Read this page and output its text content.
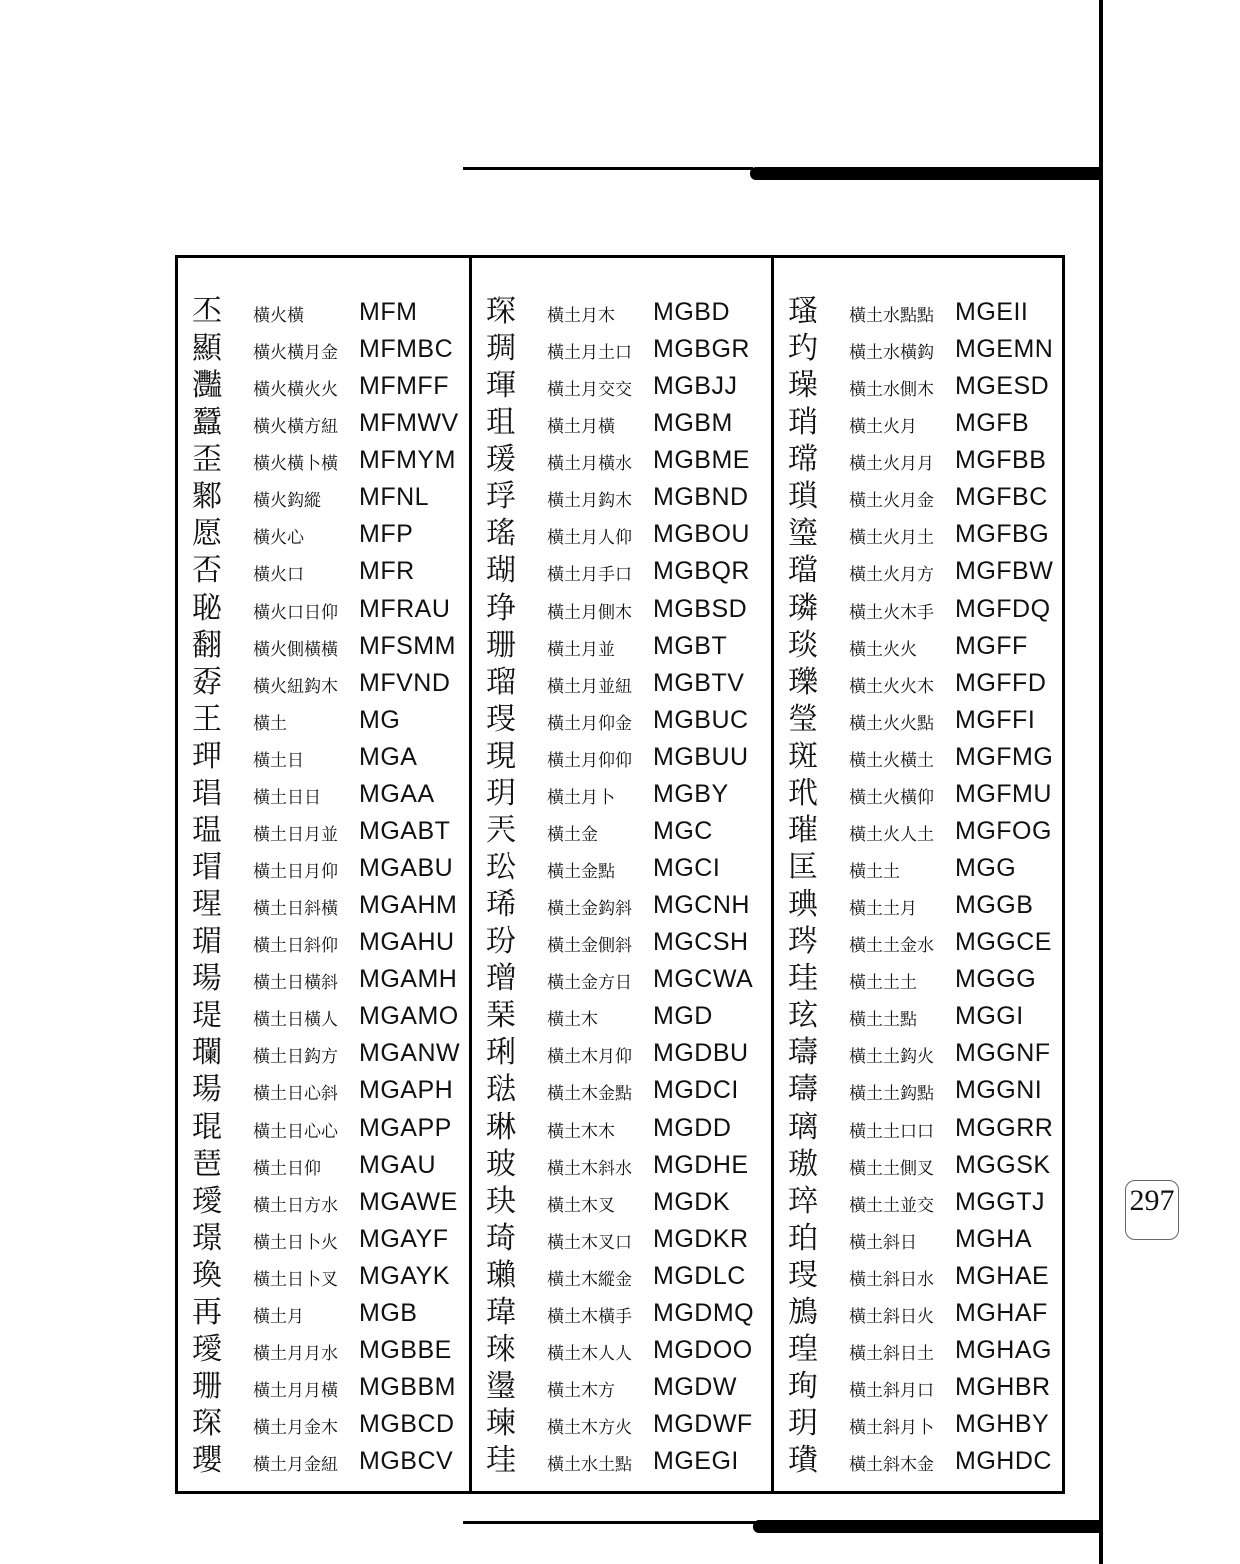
丕 橫火橫 MFM
顯 橫火橫月金 MFMBC
灩 橫火橫火火 MFMFF
蠶 橫火橫方紐 MFMWV
歪 橫火橫卜橫 MFMYM
鄹 橫火鈎縱 MFNL
愿 橫火心 MFP
否 橫火口 MFR
䎵 橫火口日仰 MFRAU
翻 橫火側橫橫 MFSMM
孬 橫火紐鈎木 MFVND
王 橫土	MG
玾 橫土日 MGA
琩 橫土日日 MGAA
瑥 橫土日月並 MGABT
瑁 橫土日月仰 MGABU
瑆 橫土日斜橫 MGAHM
瑂 橫土日斜仰 MGAHU
瑒 橫土日橫斜 MGAMH
瑅 橫土日橫人 MGAMO
瓓 橫土日鈎方 MGANW
瑒 橫土日心斜 MGAPH
琨 橫土日心心 MGAPP
琶 橫土日仰 MGAU
璦 橫土日方水 MGAWE
璟 橫土日卜火 MGAYF
瑍 橫土日卜叉 MGAYK
再 橫土月 MGB
璦 橫土月月水 MGBBE
珊 橫土月月橫 MGBBM
琛 橫土月金木 MGBCD
瓔 橫土月金紐 MGBCV
琛 橫土月木 MGBD
琱 橫土月土口 MGBGR
琿 橫土月交交 MGBJJ
珇 橫土月橫 MGBM
瑗 橫土月橫水 MGBME
琈 橫土月鈎木 MGBND
瑤 橫土月人仰 MGBOU
瑚 橫土月手口 MGBQR
琤 橫土月側木 MGBSD
珊 橫土月並 MGBT
瑠 橫土月並紐 MGBTV
琝 橫土月仰金 MGBUC
現 橫土月仰仰 MGBUU
玥 橫土月卜 MGBY
兲 橫土金 MGC
玜 橫土金點 MGCI
琋 橫土金鈎斜 MGCNH
玢 橫土金側斜 MGCSH
璔 橫土金方日 MGCWA
琹 橫土木 MGD
琍 橫土木月仰 MGDBU
琺 橫土木金點 MGDCI
琳 橫土木木 MGDD
玻 橫土木斜水 MGDHE
玦 橫土木叉 MGDK
琦 橫土木叉口 MGDKR
瓎 橫土木縱金 MGDLC
瑋 橫土木橫手 MGDMQ
琜 橫土木人人 MGDOO
璗 橫土木方 MGDW
瑓 橫土木方火 MGDWF
珪 橫土水土點 MGEGI
瑵 橫土水點點 MGEII
玓 橫土水橫鈎 MGEMN
璪 橫土水側木 MGESD
琑 橫土火月 MGFB
瑺 橫土火月月 MGFBB
瑣 橫土火月金 MGFBC
瑬 橫土火月土 MGFBG
璫 橫土火月方 MGFBW
璘 橫土火木手 MGFDQ
琰 橫土火火 MGFF
瓅 橫土火火木 MGFFD
瑩 橫土火火點 MGFFI
斑 橫土火橫土 MGFMG
玳 橫土火橫仰 MGFMU
璀 橫土火人土 MGFOG
匡 橫土土 MGG
琠 橫土土月 MGGB
琌 橫土土金水 MGGCE
珪 橫土土土 MGGG
玹 橫土土點 MGGI
璹 橫土土鈎火 MGGNF
璹 橫土土鈎點 MGGNI
璃 橫土土口口 MGGRR
璈 橫土土側叉 MGGSK
琗 橫土土並交 MGGTJ
珀 橫土斜日 MGHA
琝 橫土斜日水 MGHAE
鴋 橫土斜日火 MGHAF
瑝 橫土斜日土 MGHAG
珣 橫土斜月口 MGHBR
玥 橫土斜月卜 MGHBY
璳 橫土斜木金 MGHDC
297
